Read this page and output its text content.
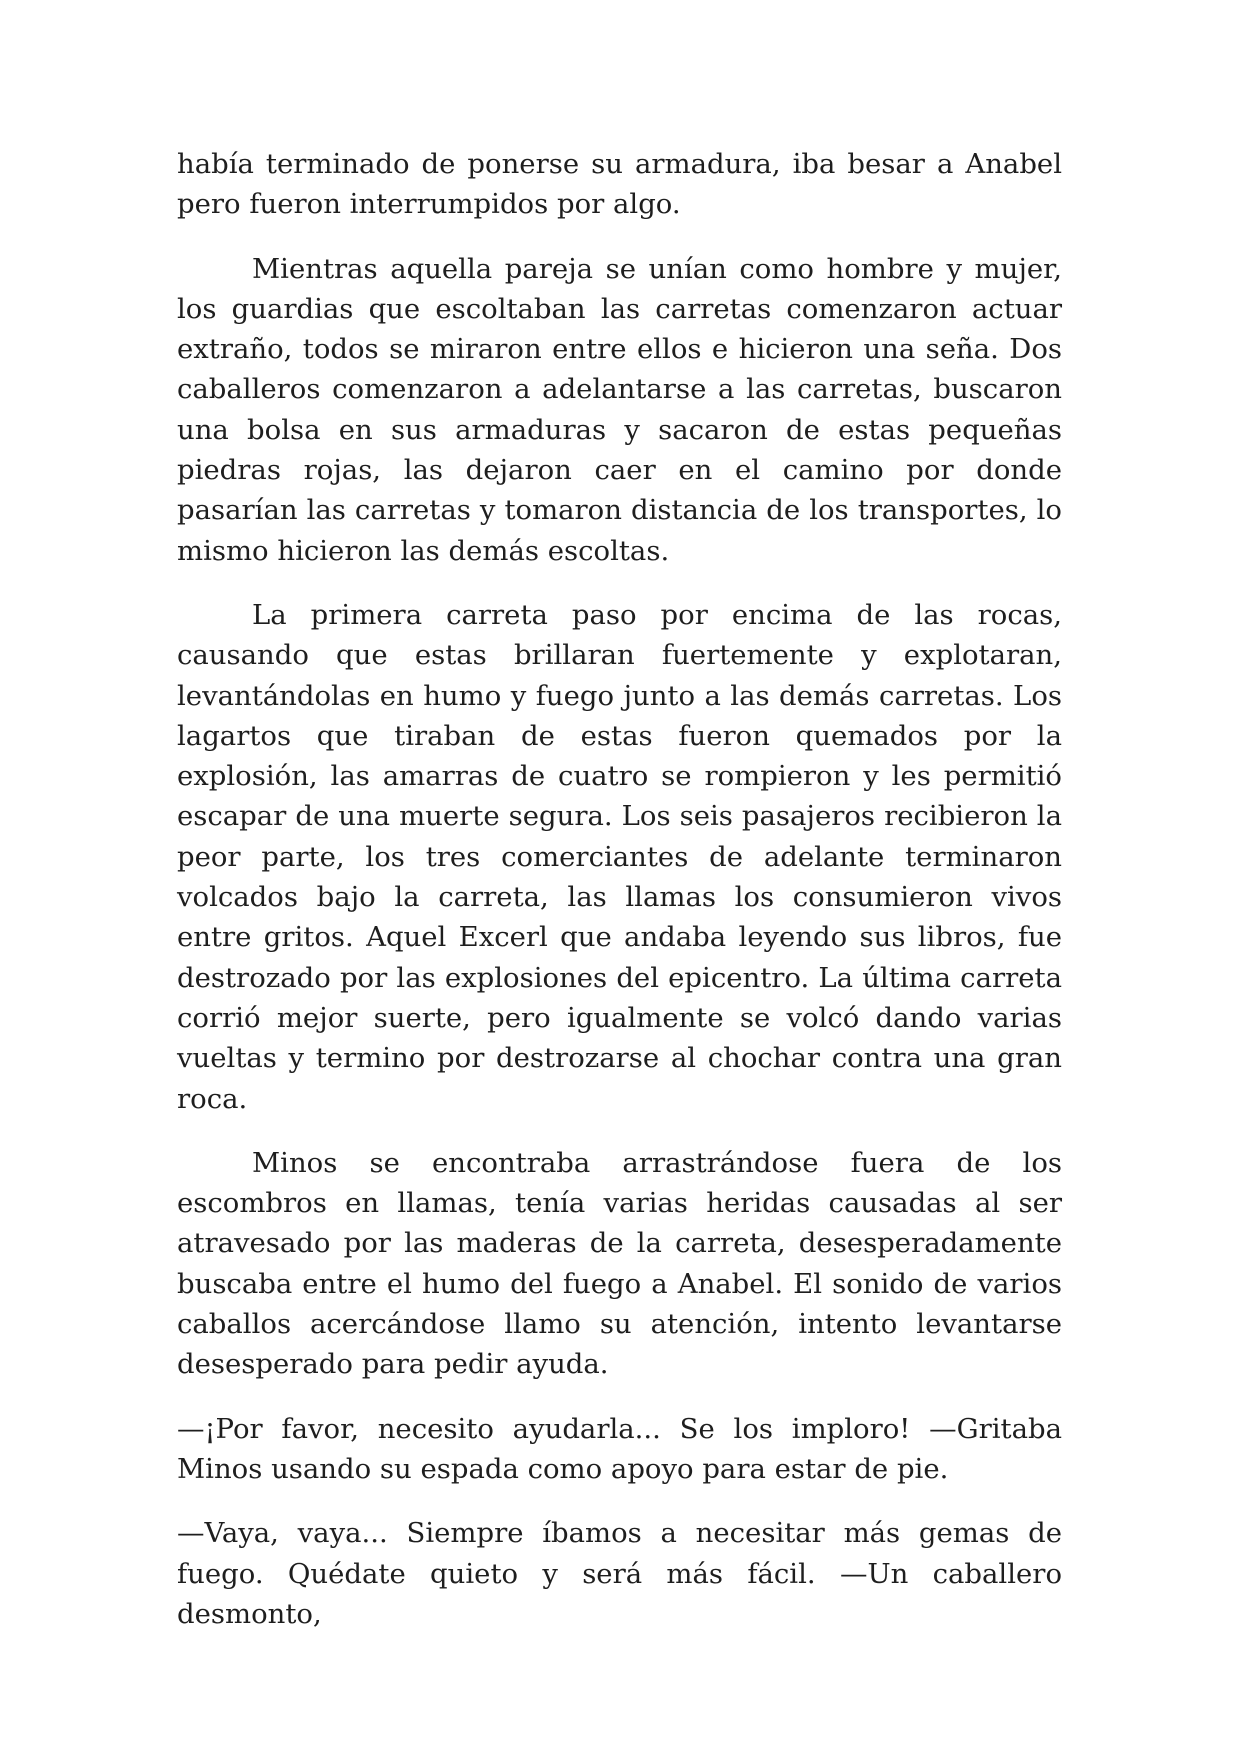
había terminado de ponerse su armadura, iba besar a Anabel pero fueron interrumpidos por algo.

Mientras aquella pareja se unían como hombre y mujer, los guardias que escoltaban las carretas comenzaron actuar extraño, todos se miraron entre ellos e hicieron una seña. Dos caballeros comenzaron a adelantarse a las carretas, buscaron una bolsa en sus armaduras y sacaron de estas pequeñas piedras rojas, las dejaron caer en el camino por donde pasarían las carretas y tomaron distancia de los transportes, lo mismo hicieron las demás escoltas.

La primera carreta paso por encima de las rocas, causando que estas brillaran fuertemente y explotaran, levantándolas en humo y fuego junto a las demás carretas. Los lagartos que tiraban de estas fueron quemados por la explosión, las amarras de cuatro se rompieron y les permitió escapar de una muerte segura. Los seis pasajeros recibieron la peor parte, los tres comerciantes de adelante terminaron volcados bajo la carreta, las llamas los consumieron vivos entre gritos. Aquel Excerl que andaba leyendo sus libros, fue destrozado por las explosiones del epicentro. La última carreta corrió mejor suerte, pero igualmente se volcó dando varias vueltas y termino por destrozarse al chochar contra una gran roca.

Minos se encontraba arrastrándose fuera de los escombros en llamas, tenía varias heridas causadas al ser atravesado por las maderas de la carreta, desesperadamente buscaba entre el humo del fuego a Anabel. El sonido de varios caballos acercándose llamo su atención, intento levantarse desesperado para pedir ayuda.

—¡Por favor, necesito ayudarla... Se los imploro! —Gritaba Minos usando su espada como apoyo para estar de pie.

—Vaya, vaya... Siempre íbamos a necesitar más gemas de fuego. Quédate quieto y será más fácil. —Un caballero desmonto,
